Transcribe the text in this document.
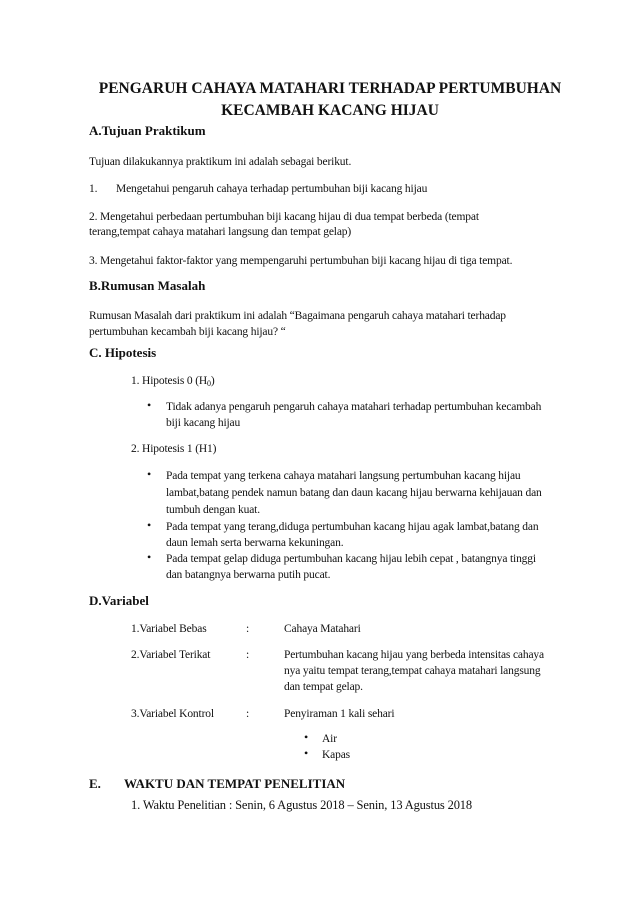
PENGARUH CAHAYA MATAHARI TERHADAP PERTUMBUHAN
KECAMBAH KACANG HIJAU
A.Tujuan Praktikum
Tujuan dilakukannya praktikum ini adalah sebagai berikut.
1. Mengetahui pengaruh cahaya terhadap pertumbuhan biji kacang hijau
2. Mengetahui perbedaan pertumbuhan biji kacang hijau di dua tempat berbeda (tempat
terang,tempat cahaya matahari langsung dan tempat gelap)
3. Mengetahui faktor-faktor yang mempengaruhi pertumbuhan biji kacang hijau di tiga tempat.
B.Rumusan Masalah
Rumusan Masalah dari praktikum ini adalah “Bagaimana pengaruh cahaya matahari terhadap
pertumbuhan kecambah biji kacang hijau? “
C. Hipotesis
1. Hipotesis 0 $(H_0)$
• Tidak adanya pengaruh pengaruh cahaya matahari terhadap pertumbuhan kecambah
biji kacang hijau
2. Hipotesis 1 (H1)
• Pada tempat yang terkena cahaya matahari langsung pertumbuhan kacang hijau
lambat,batang pendek namun batang dan daun kacang hijau berwarna kehijauan dan
tumbuh dengan kuat.
• Pada tempat yang terang,diduga pertumbuhan kacang hijau agak lambat,batang dan
daun lemah serta berwarna kekuningan.
• Pada tempat gelap diduga pertumbuhan kacang hijau lebih cepat , batangnya tinggi
dan batangnya berwarna putih pucat.
D.Variabel
1.Variabel Bebas	:	Cahaya Matahari
2.Variabel Terikat	:	Pertumbuhan kacang hijau yang berbeda intensitas cahaya
nya yaitu tempat terang,tempat cahaya matahari langsung
dan tempat gelap.
3.Variabel Kontrol	:	Penyiraman 1 kali sehari
• Air
• Kapas
E. WAKTU DAN TEMPAT PENELITIAN
1. Waktu Penelitian : Senin, 6 Agustus 2018 – Senin, 13 Agustus 2018
